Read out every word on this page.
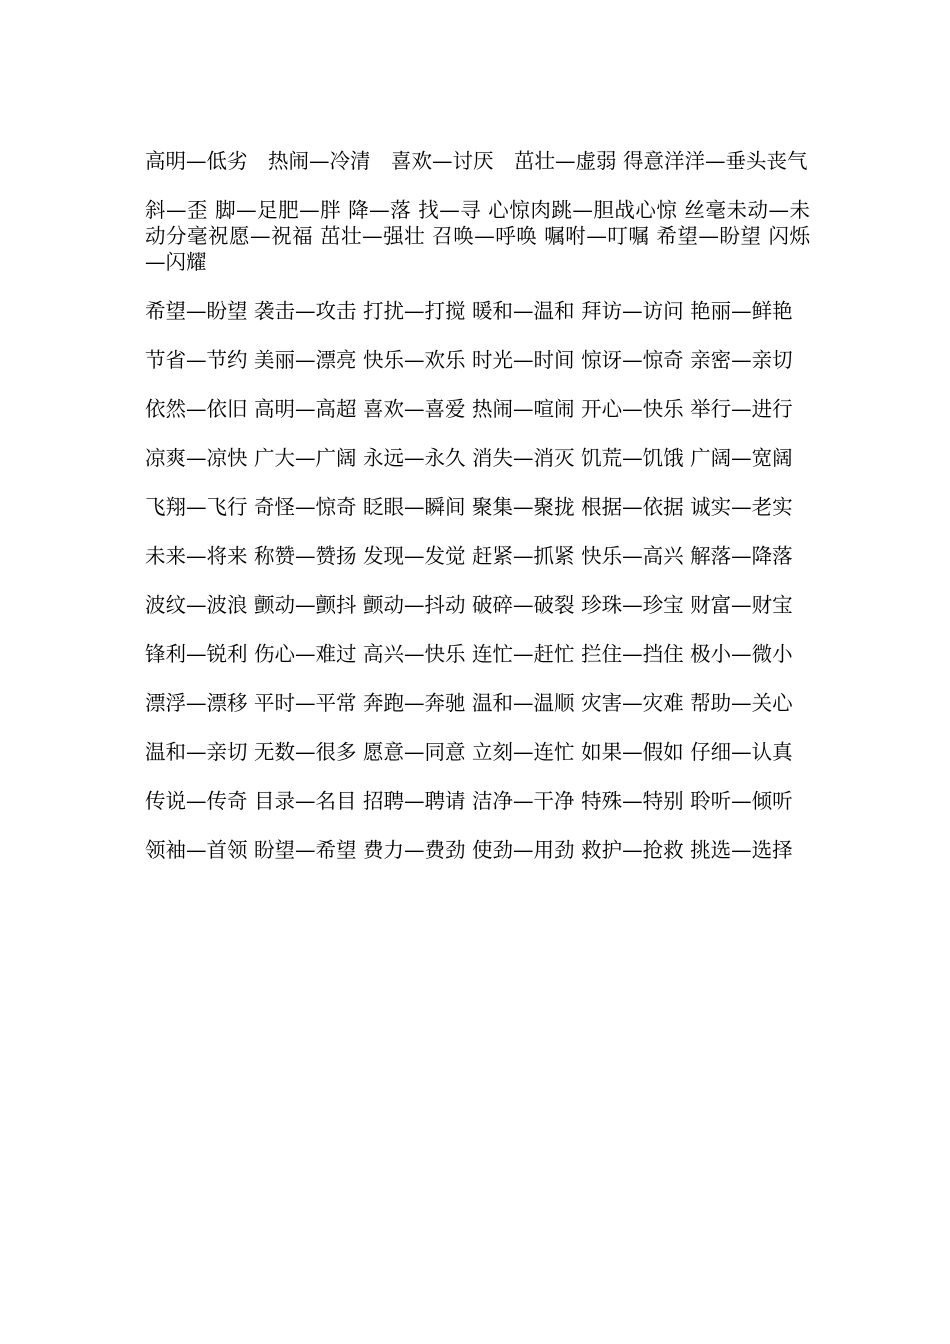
高明—低劣　热闹—冷清　喜欢—讨厌　茁壮—虚弱 得意洋洋—垂头丧气

斜—歪 脚—足肥—胖 降—落 找—寻 心惊肉跳—胆战心惊 丝毫未动—未动分毫祝愿—祝福 茁壮—强壮 召唤—呼唤 嘱咐—叮嘱 希望—盼望 闪烁—闪耀

希望—盼望 袭击—攻击 打扰—打搅 暖和—温和 拜访—访问 艳丽—鲜艳

节省—节约 美丽—漂亮 快乐—欢乐 时光—时间 惊讶—惊奇 亲密—亲切

依然—依旧 高明—高超 喜欢—喜爱 热闹—喧闹 开心—快乐 举行—进行

凉爽—凉快 广大—广阔 永远—永久 消失—消灭 饥荒—饥饿 广阔—宽阔

飞翔—飞行 奇怪—惊奇 眨眼—瞬间 聚集—聚拢 根据—依据 诚实—老实

未来—将来 称赞—赞扬 发现—发觉 赶紧—抓紧 快乐—高兴 解落—降落

波纹—波浪 颤动—颤抖 颤动—抖动 破碎—破裂 珍珠—珍宝 财富—财宝

锋利—锐利 伤心—难过 高兴—快乐 连忙—赶忙 拦住—挡住 极小—微小

漂浮—漂移 平时—平常 奔跑—奔驰 温和—温顺 灾害—灾难 帮助—关心

温和—亲切 无数—很多 愿意—同意 立刻—连忙 如果—假如 仔细—认真

传说—传奇 目录—名目 招聘—聘请 洁净—干净 特殊—特别 聆听—倾听

领袖—首领 盼望—希望 费力—费劲 使劲—用劲 救护—抢救 挑选—选择
